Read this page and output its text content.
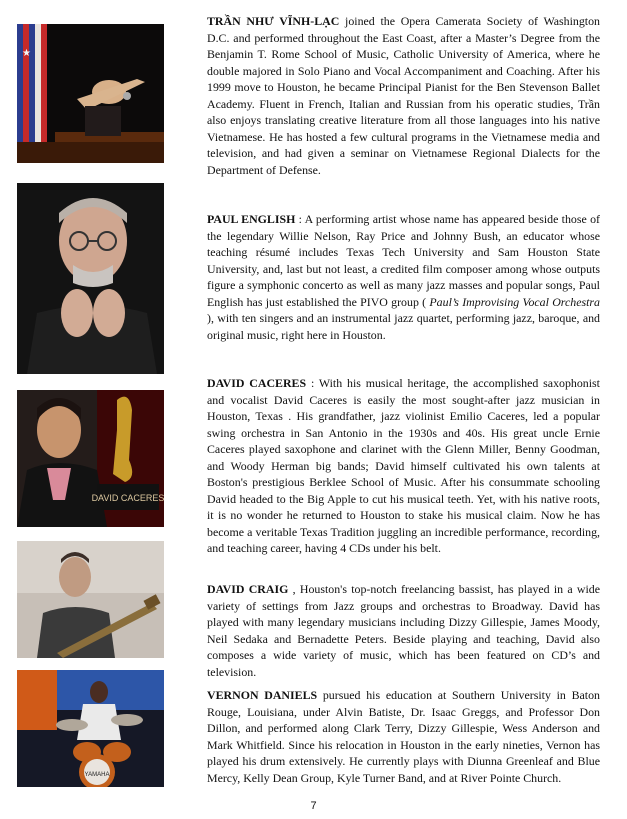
★

TRẦN NHƯ VĨNH-LẠC joined the Opera Camerata Society of Washington D.C. and performed throughout the East Coast, after a Master’s Degree from the Benjamin T. Rome School of Music, Catholic University of America, where he double majored in Solo Piano and Vocal Accompaniment and Coaching. After his 1999 move to Houston, he became Principal Pianist for the Ben Stevenson Ballet Academy. Fluent in French, Italian and Russian from his operatic studies, Trần also enjoys translating creative literature from all those languages into his native Vietnamese. He has hosted a few cultural programs in the Vietnamese media and television, and had given a seminar on Vietnamese Regional Dialects for the Department of Defense.

PAUL ENGLISH : A performing artist whose name has appeared beside those of the legendary Willie Nelson, Ray Price and Johnny Bush, an educator whose teaching résumé includes Texas Tech University and Sam Houston State University, and, last but not least, a credited film composer among whose outputs figure a symphonic concerto as well as many jazz masses and popular songs, Paul English has just established the PIVO group ( Paul’s Improvising Vocal Orchestra ), with ten singers and an instrumental jazz quartet, performing jazz, baroque, and original music, right here in Houston.

DAVID CACERES

DAVID CACERES : With his musical heritage, the accomplished saxophonist and vocalist David Caceres is easily the most sought-after jazz musician in Houston, Texas . His grandfather, jazz violinist Emilio Caceres, led a popular swing orchestra in San Antonio in the 1930s and 40s. His great uncle Ernie Caceres played saxophone and clarinet with the Glenn Miller, Benny Goodman, and Woody Herman big bands; David himself cultivated his own talents at Boston's prestigious Berklee School of Music. After his consummate schooling David headed to the Big Apple to cut his musical teeth. Yet, with his native roots, it is no wonder he returned to Houston to stake his musical claim. Now he has become a veritable Texas Tradition juggling an incredible performance, recording, and teaching career, having 4 CDs under his belt.

DAVID CRAIG , Houston's top-notch freelancing bassist, has played in a wide variety of settings from Jazz groups and orchestras to Broadway. David has played with many legendary musicians including Dizzy Gillespie, James Moody, Neil Sedaka and Bernadette Peters. Beside playing and teaching, David also composes a wide variety of music, which has been featured on CD’s and television.

YAMAHA

VERNON DANIELS pursued his education at Southern University in Baton Rouge, Louisiana, under Alvin Batiste, Dr. Isaac Greggs, and Professor Don Dillon, and performed along Clark Terry, Dizzy Gillespie, Wess Anderson and Mark Whitfield. Since his relocation in Houston in the early nineties, Vernon has played his drum extensively. He currently plays with Diunna Greenleaf and Blue Mercy, Kelly Dean Group, Kyle Turner Band, and at River Pointe Church.

7
